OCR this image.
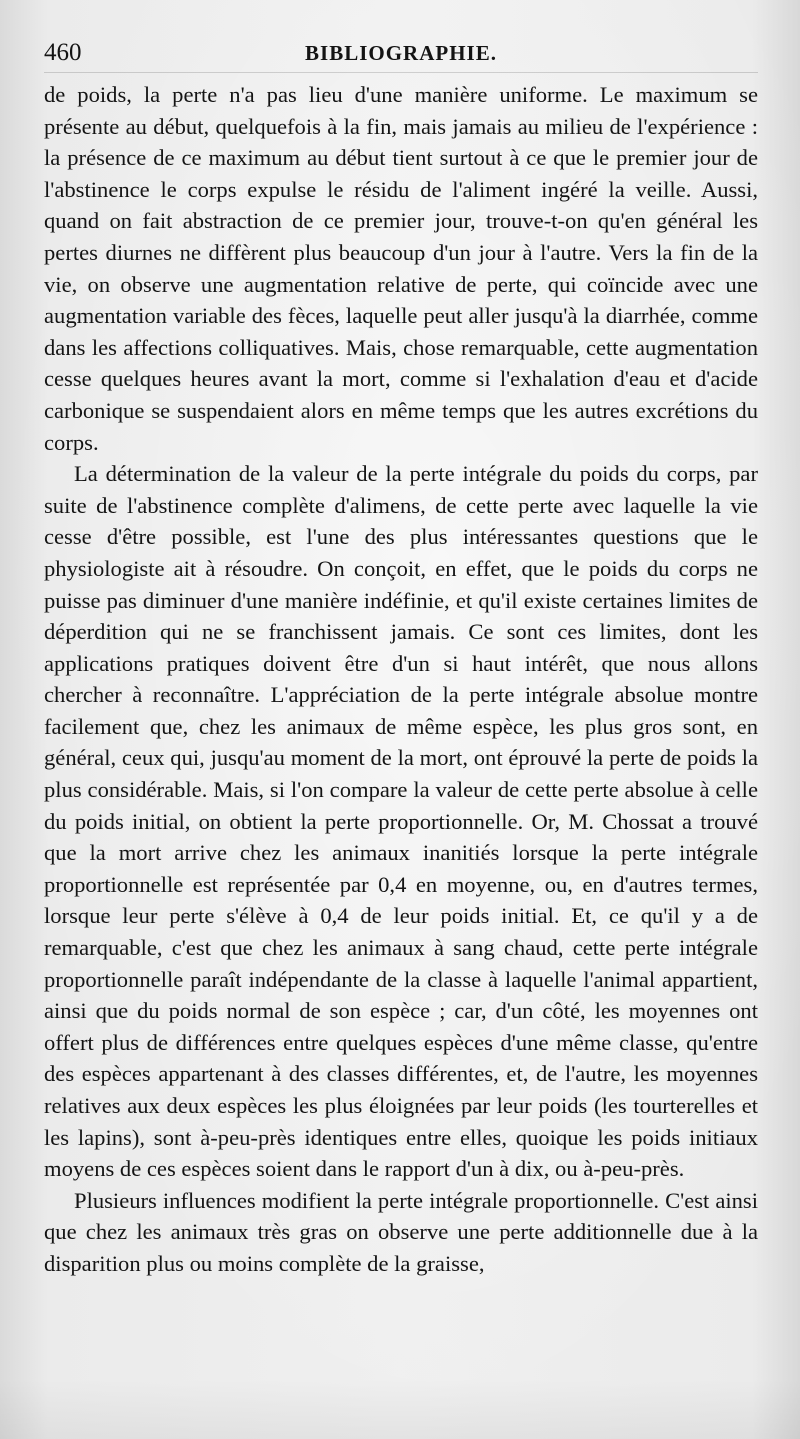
460	BIBLIOGRAPHIE.

de poids, la perte n'a pas lieu d'une manière uniforme. Le maximum se présente au début, quelquefois à la fin, mais jamais au milieu de l'expérience : la présence de ce maximum au début tient surtout à ce que le premier jour de l'abstinence le corps expulse le résidu de l'aliment ingéré la veille. Aussi, quand on fait abstraction de ce premier jour, trouve-t-on qu'en général les pertes diurnes ne diffèrent plus beaucoup d'un jour à l'autre. Vers la fin de la vie, on observe une augmentation relative de perte, qui coïncide avec une augmentation variable des fèces, laquelle peut aller jusqu'à la diarrhée, comme dans les affections colliquatives. Mais, chose remarquable, cette augmentation cesse quelques heures avant la mort, comme si l'exhalation d'eau et d'acide carbonique se suspendaient alors en même temps que les autres excrétions du corps.

La détermination de la valeur de la perte intégrale du poids du corps, par suite de l'abstinence complète d'alimens, de cette perte avec laquelle la vie cesse d'être possible, est l'une des plus intéressantes questions que le physiologiste ait à résoudre. On conçoit, en effet, que le poids du corps ne puisse pas diminuer d'une manière indéfinie, et qu'il existe certaines limites de déperdition qui ne se franchissent jamais. Ce sont ces limites, dont les applications pratiques doivent être d'un si haut intérêt, que nous allons chercher à reconnaître. L'appréciation de la perte intégrale absolue montre facilement que, chez les animaux de même espèce, les plus gros sont, en général, ceux qui, jusqu'au moment de la mort, ont éprouvé la perte de poids la plus considérable. Mais, si l'on compare la valeur de cette perte absolue à celle du poids initial, on obtient la perte proportionnelle. Or, M. Chossat a trouvé que la mort arrive chez les animaux inanitiés lorsque la perte intégrale proportionnelle est représentée par 0,4 en moyenne, ou, en d'autres termes, lorsque leur perte s'élève à 0,4 de leur poids initial. Et, ce qu'il y a de remarquable, c'est que chez les animaux à sang chaud, cette perte intégrale proportionnelle paraît indépendante de la classe à laquelle l'animal appartient, ainsi que du poids normal de son espèce ; car, d'un côté, les moyennes ont offert plus de différences entre quelques espèces d'une même classe, qu'entre des espèces appartenant à des classes différentes, et, de l'autre, les moyennes relatives aux deux espèces les plus éloignées par leur poids (les tourterelles et les lapins), sont à-peu-près identiques entre elles, quoique les poids initiaux moyens de ces espèces soient dans le rapport d'un à dix, ou à-peu-près.

Plusieurs influences modifient la perte intégrale proportionnelle. C'est ainsi que chez les animaux très gras on observe une perte additionnelle due à la disparition plus ou moins complète de la graisse,
